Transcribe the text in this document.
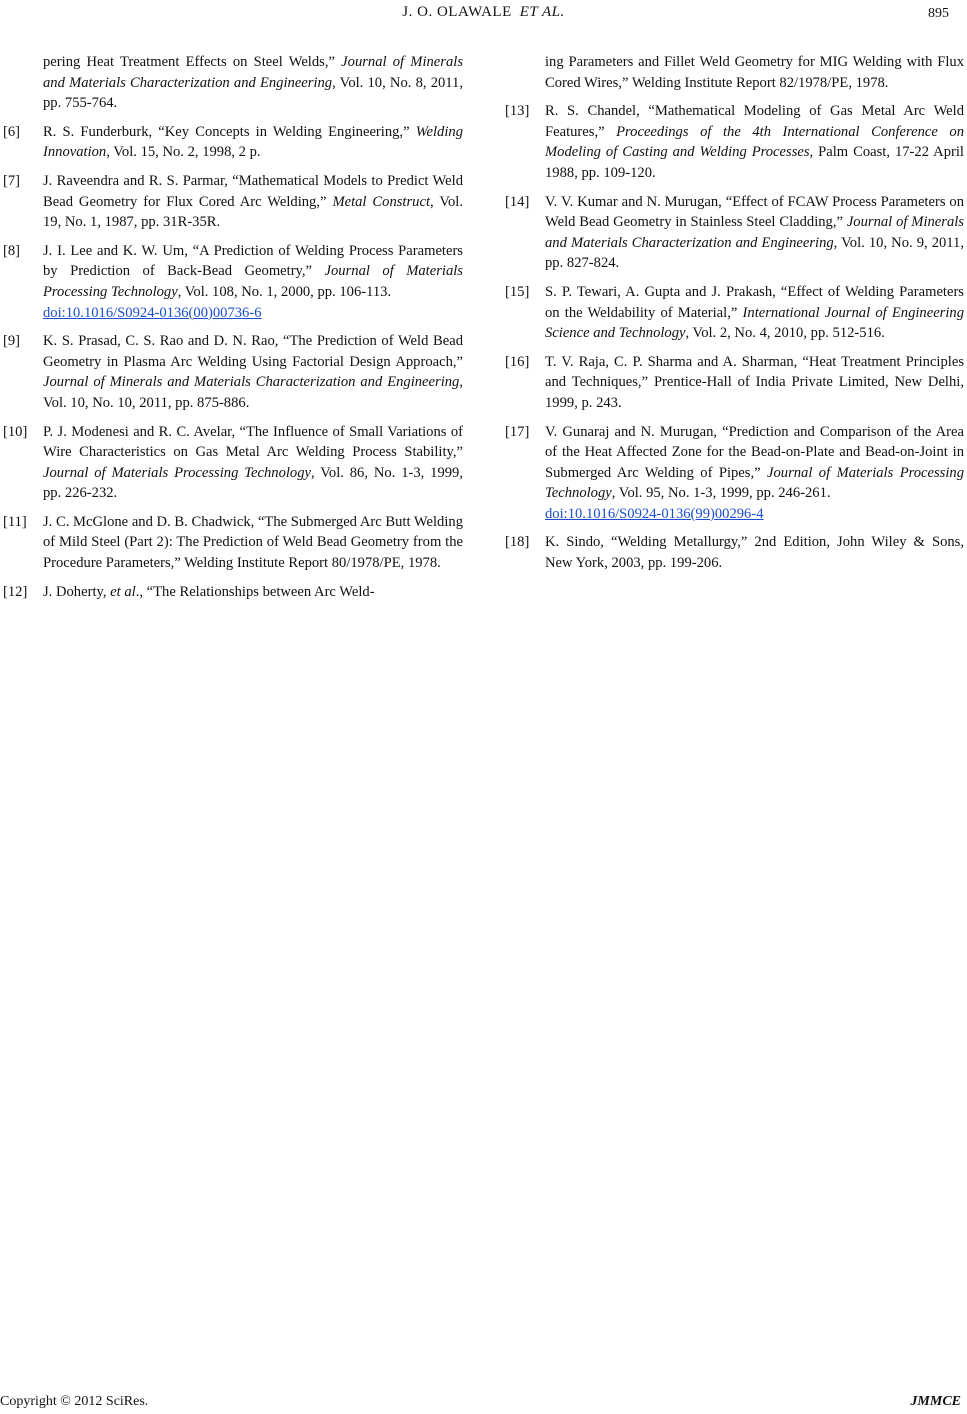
J. O. OLAWALE ET AL.	895
pering Heat Treatment Effects on Steel Welds,” Journal of Minerals and Materials Characterization and Engineering, Vol. 10, No. 8, 2011, pp. 755-764.
[6] R. S. Funderburk, “Key Concepts in Welding Engineering,” Welding Innovation, Vol. 15, No. 2, 1998, 2 p.
[7] J. Raveendra and R. S. Parmar, “Mathematical Models to Predict Weld Bead Geometry for Flux Cored Arc Welding,” Metal Construct, Vol. 19, No. 1, 1987, pp. 31R-35R.
[8] J. I. Lee and K. W. Um, “A Prediction of Welding Process Parameters by Prediction of Back-Bead Geometry,” Journal of Materials Processing Technology, Vol. 108, No. 1, 2000, pp. 106-113.
doi:10.1016/S0924-0136(00)00736-6
[9] K. S. Prasad, C. S. Rao and D. N. Rao, “The Prediction of Weld Bead Geometry in Plasma Arc Welding Using Factorial Design Approach,” Journal of Minerals and Materials Characterization and Engineering, Vol. 10, No. 10, 2011, pp. 875-886.
[10] P. J. Modenesi and R. C. Avelar, “The Influence of Small Variations of Wire Characteristics on Gas Metal Arc Welding Process Stability,” Journal of Materials Processing Technology, Vol. 86, No. 1-3, 1999, pp. 226-232.
[11] J. C. McGlone and D. B. Chadwick, “The Submerged Arc Butt Welding of Mild Steel (Part 2): The Prediction of Weld Bead Geometry from the Procedure Parameters,” Welding Institute Report 80/1978/PE, 1978.
[12] J. Doherty, et al., “The Relationships between Arc Weld-
ing Parameters and Fillet Weld Geometry for MIG Welding with Flux Cored Wires,” Welding Institute Report 82/1978/PE, 1978.
[13] R. S. Chandel, “Mathematical Modeling of Gas Metal Arc Weld Features,” Proceedings of the 4th International Conference on Modeling of Casting and Welding Processes, Palm Coast, 17-22 April 1988, pp. 109-120.
[14] V. V. Kumar and N. Murugan, “Effect of FCAW Process Parameters on Weld Bead Geometry in Stainless Steel Cladding,” Journal of Minerals and Materials Characterization and Engineering, Vol. 10, No. 9, 2011, pp. 827-824.
[15] S. P. Tewari, A. Gupta and J. Prakash, “Effect of Welding Parameters on the Weldability of Material,” International Journal of Engineering Science and Technology, Vol. 2, No. 4, 2010, pp. 512-516.
[16] T. V. Raja, C. P. Sharma and A. Sharman, “Heat Treatment Principles and Techniques,” Prentice-Hall of India Private Limited, New Delhi, 1999, p. 243.
[17] V. Gunaraj and N. Murugan, “Prediction and Comparison of the Area of the Heat Affected Zone for the Bead-on-Plate and Bead-on-Joint in Submerged Arc Welding of Pipes,” Journal of Materials Processing Technology, Vol. 95, No. 1-3, 1999, pp. 246-261.
doi:10.1016/S0924-0136(99)00296-4
[18] K. Sindo, “Welding Metallurgy,” 2nd Edition, John Wiley & Sons, New York, 2003, pp. 199-206.
Copyright © 2012 SciRes.	JMMCE
